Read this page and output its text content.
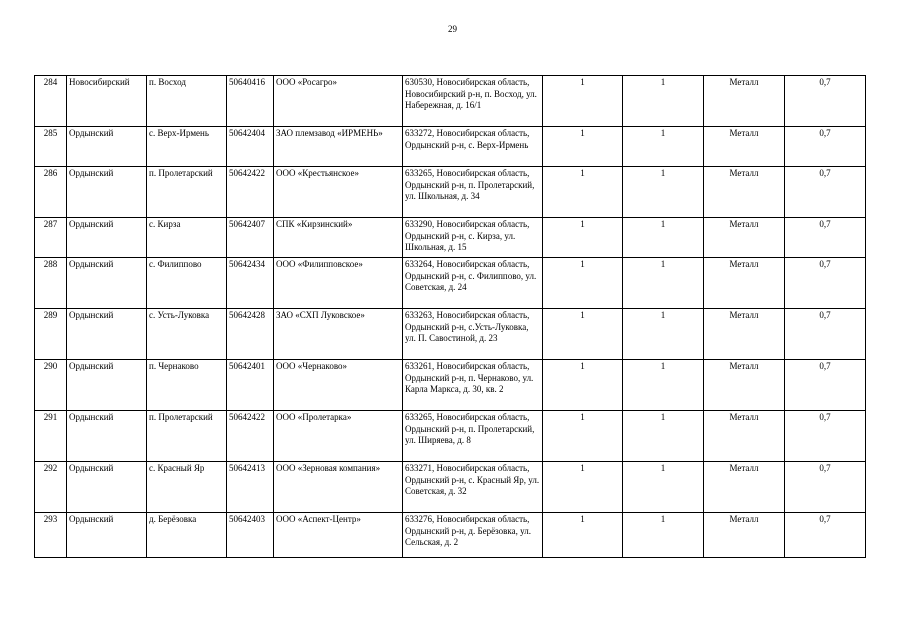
29
284	Новосибирский	п. Восход	50640416	ООО «Росагро»	630530, Новосибирская область, Новосибирский р-н, п. Восход, ул. Набережная, д. 16/1	1	1	Металл	0,7
285	Ордынский	с. Верх-Ирмень	50642404	ЗАО племзавод «ИРМЕНЬ»	633272, Новосибирская область, Ордынский р-н, с. Верх-Ирмень	1	1	Металл	0,7
286	Ордынский	п. Пролетарский	50642422	ООО «Крестьянское»	633265, Новосибирская область, Ордынский р-н, п. Пролетарский, ул. Школьная, д. 34	1	1	Металл	0,7
287	Ордынский	с. Кирза	50642407	СПК «Кирзинский»	633290, Новосибирская область, Ордынский р-н, с. Кирза, ул. Школьная, д. 15	1	1	Металл	0,7
288	Ордынский	с. Филиппово	50642434	ООО «Филипповское»	633264, Новосибирская область, Ордынский р-н, с. Филиппово, ул. Советская, д. 24	1	1	Металл	0,7
289	Ордынский	с. Усть-Луковка	50642428	ЗАО «СХП Луковское»	633263, Новосибирская область, Ордынский р-н, с.Усть-Луковка, ул. П. Савостиной, д. 23	1	1	Металл	0,7
290	Ордынский	п. Чернаково	50642401	ООО «Чернаково»	633261, Новосибирская область, Ордынский р-н, п. Чернаково, ул. Карла Маркса, д. 30, кв. 2	1	1	Металл	0,7
291	Ордынский	п. Пролетарский	50642422	ООО «Пролетарка»	633265, Новосибирская область, Ордынский р-н, п. Пролетарский, ул. Ширяева, д. 8	1	1	Металл	0,7
292	Ордынский	с. Красный Яр	50642413	ООО «Зерновая компания»	633271, Новосибирская область, Ордынский р-н, с. Красный Яр, ул. Советская, д. 32	1	1	Металл	0,7
293	Ордынский	д. Берёзовка	50642403	ООО «Аспект-Центр»	633276, Новосибирская область, Ордынский р-н, д. Берёзовка, ул. Сельская, д. 2	1	1	Металл	0,7
